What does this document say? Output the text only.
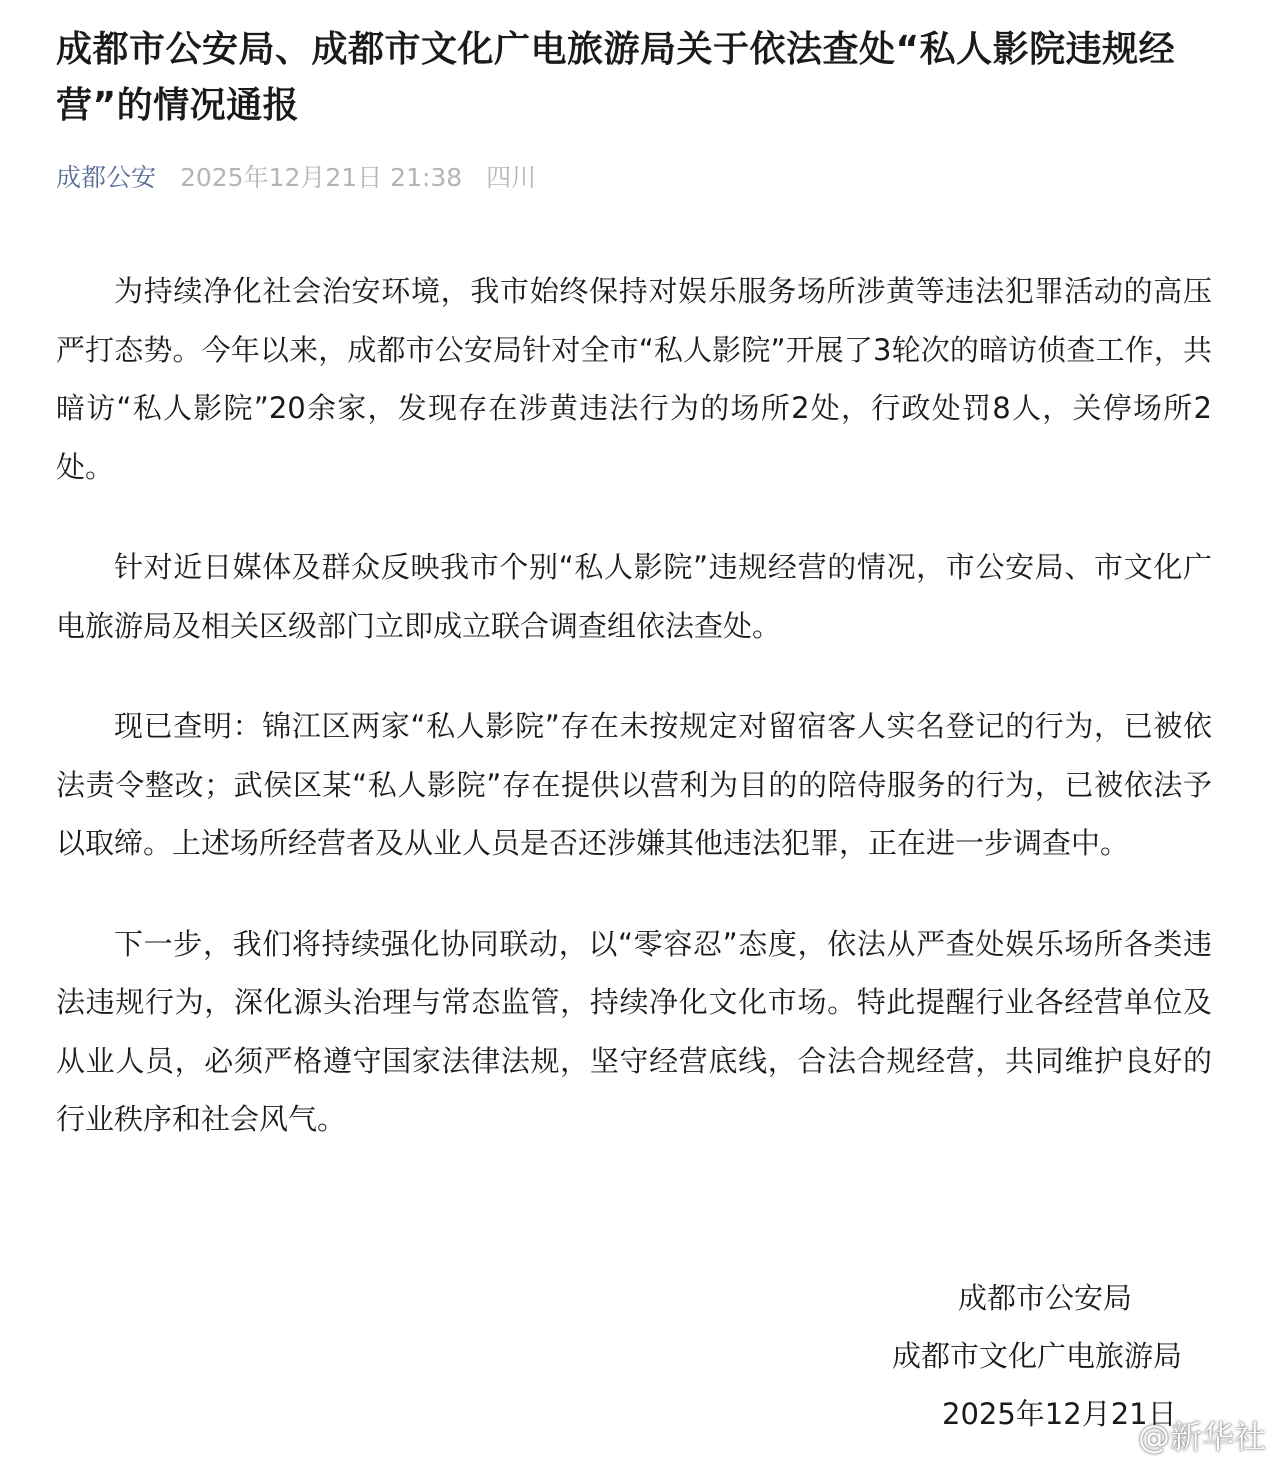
成都市公安局、成都市文化广电旅游局关于依法查处“私人影院违规经营”的情况通报
成都公安 2025年12月21日 21:38 四川

为持续净化社会治安环境，我市始终保持对娱乐服务场所涉黄等违法犯罪活动的高压严打态势。今年以来，成都市公安局针对全市“私人影院”开展了3轮次的暗访侦查工作，共暗访“私人影院”20余家，发现存在涉黄违法行为的场所2处，行政处罚8人，关停场所2处。

针对近日媒体及群众反映我市个别“私人影院”违规经营的情况，市公安局、市文化广电旅游局及相关区级部门立即成立联合调查组依法查处。

现已查明：锦江区两家“私人影院”存在未按规定对留宿客人实名登记的行为，已被依法责令整改；武侯区某“私人影院”存在提供以营利为目的的陪侍服务的行为，已被依法予以取缔。上述场所经营者及从业人员是否还涉嫌其他违法犯罪，正在进一步调查中。

下一步，我们将持续强化协同联动，以“零容忍”态度，依法从严查处娱乐场所各类违法违规行为，深化源头治理与常态监管，持续净化文化市场。特此提醒行业各经营单位及从业人员，必须严格遵守国家法律法规，坚守经营底线，合法合规经营，共同维护良好的行业秩序和社会风气。

成都市公安局
成都市文化广电旅游局
2025年12月21日
@新华社
